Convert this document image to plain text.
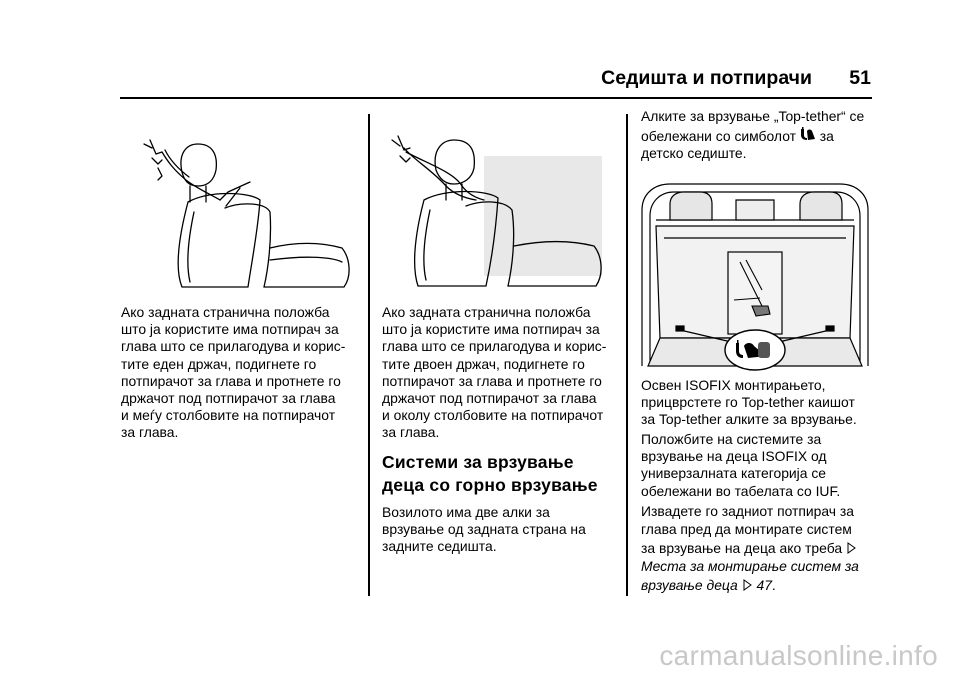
Седишта и потпирачи 51
Ако задната странична положба
што ја користите има потпирач за
глава што се прилагодува и корис-
тите еден држач, подигнете го
потпирачот за глава и протнете го
држачот под потпирачот за глава
и меѓу столбовите на потпирачот
за глава.
Ако задната странична положба
што ја користите има потпирач за
глава што се прилагодува и корис-
тите двоен држач, подигнете го
потпирачот за глава и протнете го
држачот под потпирачот за глава
и околу столбовите на потпирачот
за глава.
Системи за врзување
деца со горно врзување
Возилото има две алки за
врзување од задната страна на
задните седишта.
Алките за врзување „Top-tether“ се
обележани со симболот за
детско седиште.
Освен ISOFIX монтирањето,
прицврстете го Top-tether каишот
за Top-tether алките за врзување.
Положбите на системите за
врзување на деца ISOFIX од
универзалната категорија се
обележани во табелата со IUF.
Извадете го задниот потпирач за
глава пред да монтирате систем
за врзување на деца ако треба
Места за монтирање систем за
врзување деца 47.
carmanualsonline.info
